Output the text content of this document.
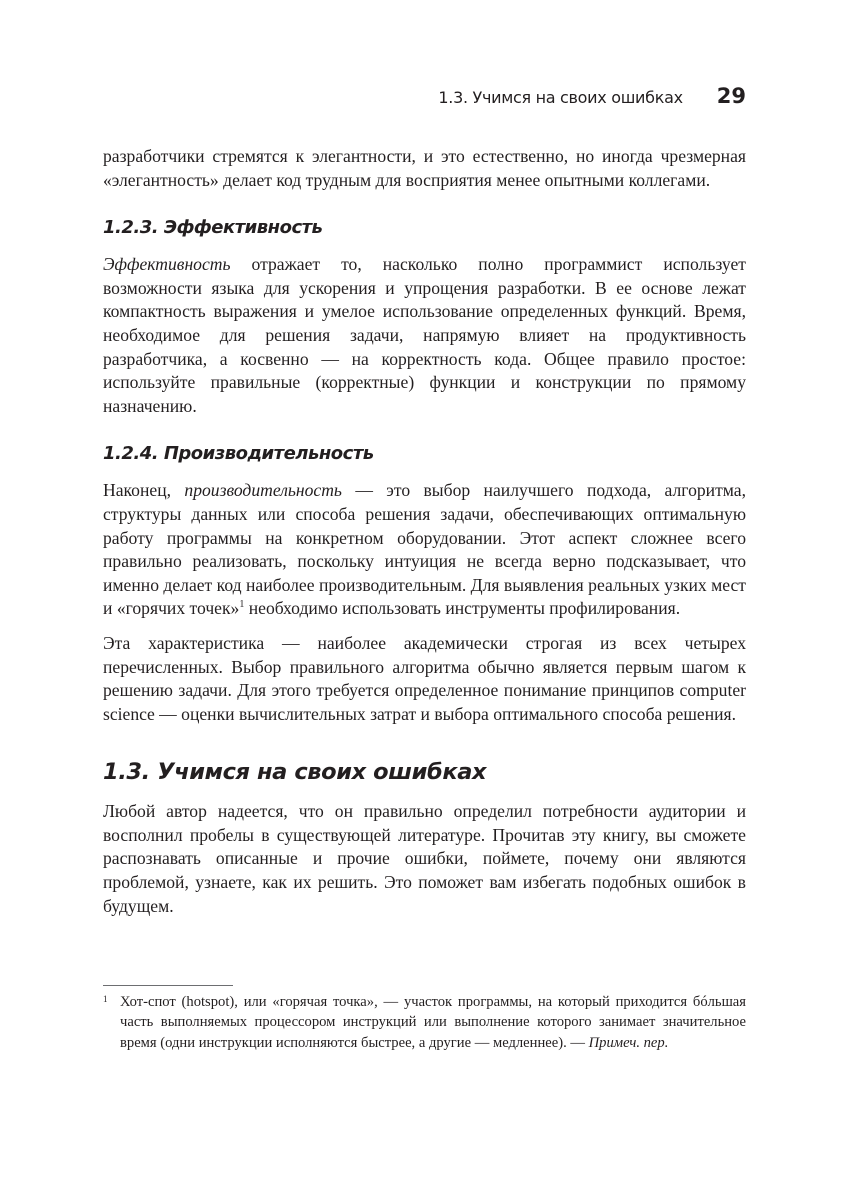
1.3. Учимся на своих ошибках 29

разработчики стремятся к элегантности, и это естественно, но иногда чрезмерная «элегантность» делает код трудным для восприятия менее опытными коллегами.

1.2.3. Эффективность

Эффективность отражает то, насколько полно программист использует возможности языка для ускорения и упрощения разработки. В ее основе лежат компактность выражения и умелое использование определенных функций. Время, необходимое для решения задачи, напрямую влияет на продуктивность разработчика, а косвенно — на корректность кода. Общее правило простое: используйте правильные (корректные) функции и конструкции по прямому назначению.

1.2.4. Производительность

Наконец, производительность — это выбор наилучшего подхода, алгоритма, структуры данных или способа решения задачи, обеспечивающих оптимальную работу программы на конкретном оборудовании. Этот аспект сложнее всего правильно реализовать, поскольку интуиция не всегда верно подсказывает, что именно делает код наиболее производительным. Для выявления реальных узких мест и «горячих точек»$^1$ необходимо использовать инструменты профилирования.

Эта характеристика — наиболее академически строгая из всех четырех перечисленных. Выбор правильного алгоритма обычно является первым шагом к решению задачи. Для этого требуется определенное понимание принципов computer science — оценки вычислительных затрат и выбора оптимального способа решения.

1.3. Учимся на своих ошибках

Любой автор надеется, что он правильно определил потребности аудитории и восполнил пробелы в существующей литературе. Прочитав эту книгу, вы сможете распознавать описанные и прочие ошибки, поймете, почему они являются проблемой, узнаете, как их решить. Это поможет вам избегать подобных ошибок в будущем.

1 Хот-спот (hotspot), или «горячая точка», — участок программы, на который приходится бóльшая часть выполняемых процессором инструкций или выполнение которого занимает значительное время (одни инструкции исполняются быстрее, а другие — медленнее). — Примеч. пер.
